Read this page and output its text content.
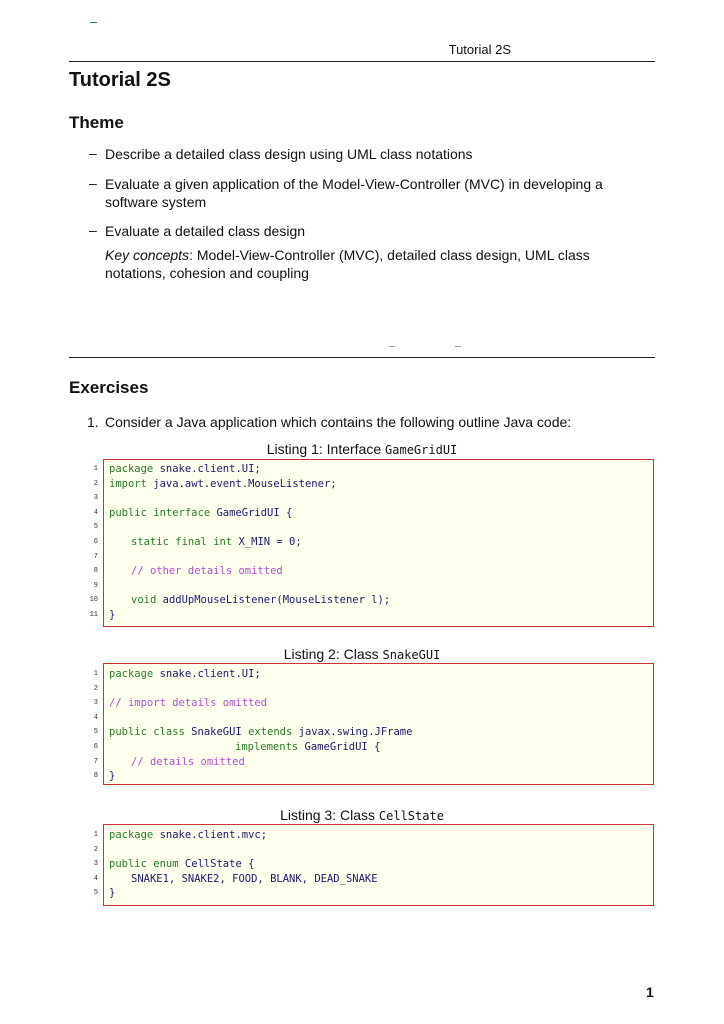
Tutorial 2S
Tutorial 2S
Theme
– Describe a detailed class design using UML class notations
– Evaluate a given application of the Model-View-Controller (MVC) in developing a software system
– Evaluate a detailed class design
Key concepts: Model-View-Controller (MVC), detailed class design, UML class notations, cohesion and coupling
Exercises
1. Consider a Java application which contains the following outline Java code:
Listing 1: Interface GameGridUI
1
2
3
4
5
6
7
8
9
10
11
package snake.client.UI;
import java.awt.event.MouseListener;
public interface GameGridUI {
static final int X_MIN = 0;
// other details omitted
void addUpMouseListener(MouseListener l);
}
Listing 2: Class SnakeGUI
1
2
3
4
5
6
7
8
package snake.client.UI;
// import details omitted
public class SnakeGUI extends javax.swing.JFrame
implements GameGridUI {
// details omitted
}
Listing 3: Class CellState
1
2
3
4
5
package snake.client.mvc;
public enum CellState {
SNAKE1, SNAKE2, FOOD, BLANK, DEAD_SNAKE
}
1
